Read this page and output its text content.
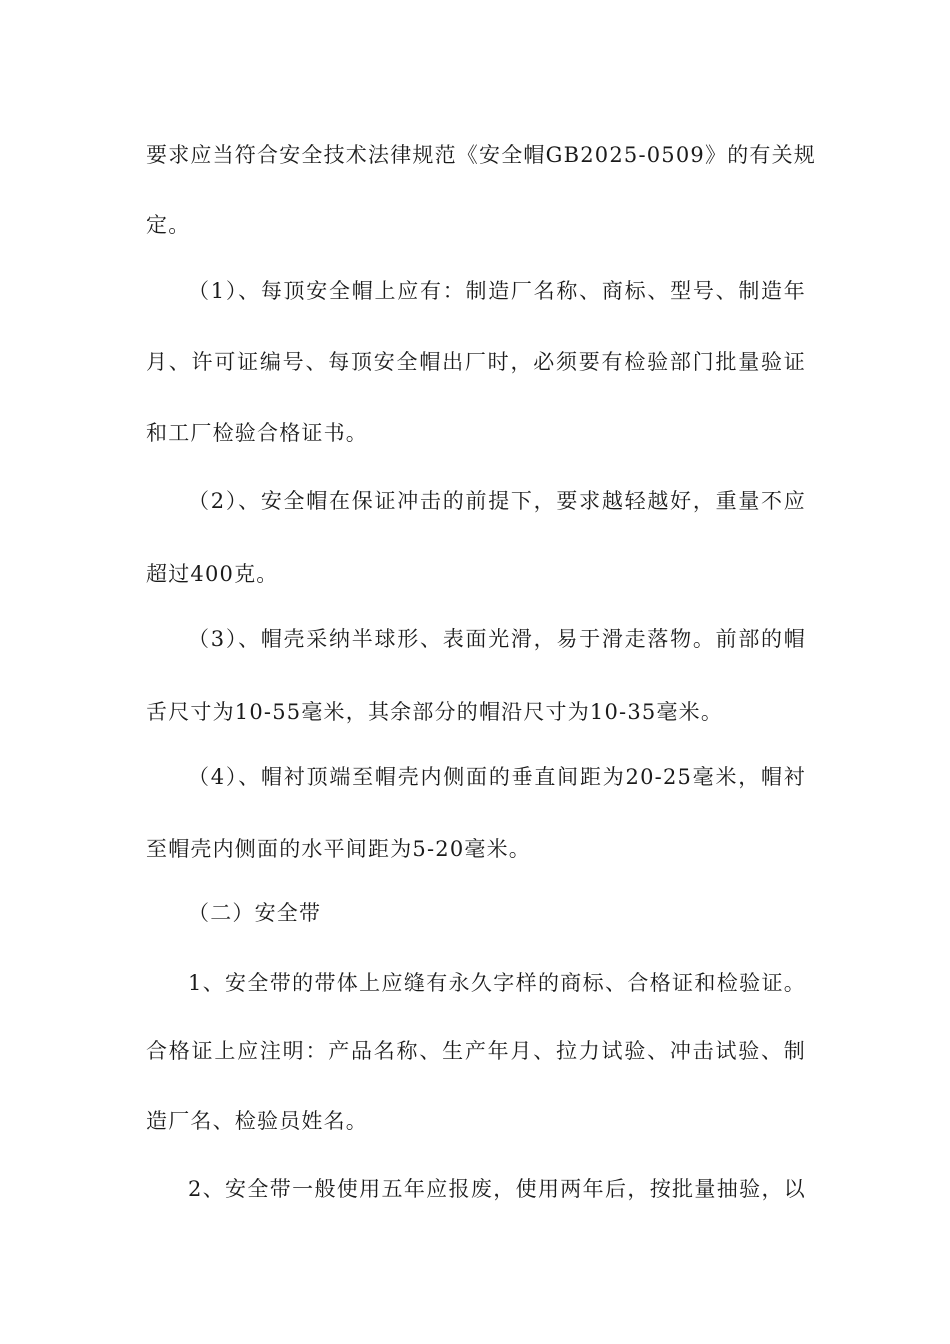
要求应当符合安全技术法律规范《安全帽GB2025-0509》的有关规
定。
（1）、每顶安全帽上应有：制造厂名称、商标、型号、制造年
月、许可证编号、每顶安全帽出厂时，必须要有检验部门批量验证
和工厂检验合格证书。
（2）、安全帽在保证冲击的前提下，要求越轻越好，重量不应
超过400克。
（3）、帽壳采纳半球形、表面光滑，易于滑走落物。前部的帽
舌尺寸为10-55毫米，其余部分的帽沿尺寸为10-35毫米。
（4）、帽衬顶端至帽壳内侧面的垂直间距为20-25毫米，帽衬
至帽壳内侧面的水平间距为5-20毫米。
（二）安全带
1、安全带的带体上应缝有永久字样的商标、合格证和检验证。
合格证上应注明：产品名称、生产年月、拉力试验、冲击试验、制
造厂名、检验员姓名。
2、安全带一般使用五年应报废，使用两年后，按批量抽验，以
